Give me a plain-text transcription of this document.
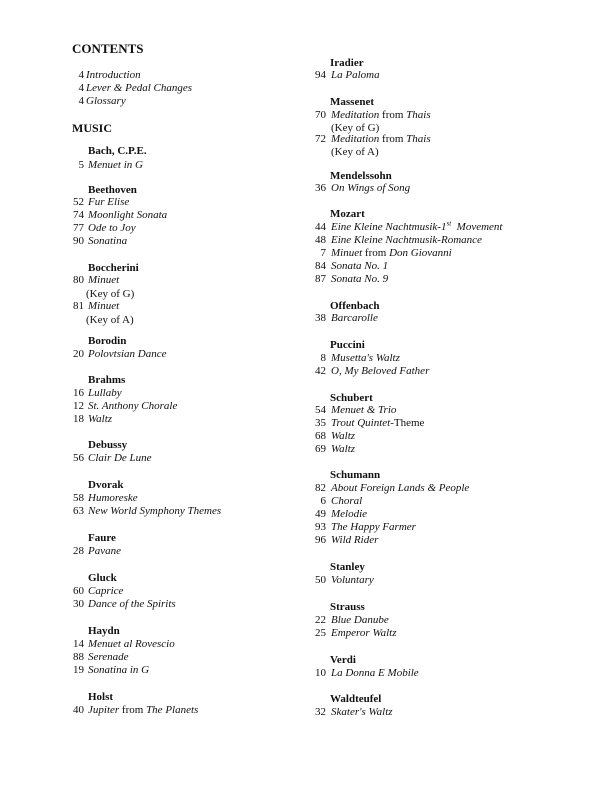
CONTENTS
4 Introduction
4 Lever & Pedal Changes
4 Glossary
MUSIC
Bach, C.P.E.
5 Menuet in G
Beethoven
52 Fur Elise
74 Moonlight Sonata
77 Ode to Joy
90 Sonatina
Boccherini
80 Minuet
(Key of G)
81 Minuet
(Key of A)
Borodin
20 Polovtsian Dance
Brahms
16 Lullaby
12 St. Anthony Chorale
18 Waltz
Debussy
56 Clair De Lune
Dvorak
58 Humoreske
63 New World Symphony Themes
Faure
28 Pavane
Gluck
60 Caprice
30 Dance of the Spirits
Haydn
14 Menuet al Rovescio
88 Serenade
19 Sonatina in G
Holst
40 Jupiter from The Planets
Iradier
94 La Paloma
Massenet
70 Meditation from Thais
(Key of G)
72 Meditation from Thais
(Key of A)
Mendelssohn
36 On Wings of Song
Mozart
44 Eine Kleine Nachtmusik-1st  Movement
48 Eine Kleine Nachtmusik-Romance
7 Minuet from Don Giovanni
84 Sonata No. 1
87 Sonata No. 9
Offenbach
38 Barcarolle
Puccini
8 Musetta's Waltz
42 O, My Beloved Father
Schubert
54 Menuet & Trio
35 Trout Quintet-Theme
68 Waltz
69 Waltz
Schumann
82 About Foreign Lands & People
6 Choral
49 Melodie
93 The Happy Farmer
96 Wild Rider
Stanley
50 Voluntary
Strauss
22 Blue Danube
25 Emperor Waltz
Verdi
10 La Donna E Mobile
Waldteufel
32 Skater's Waltz
